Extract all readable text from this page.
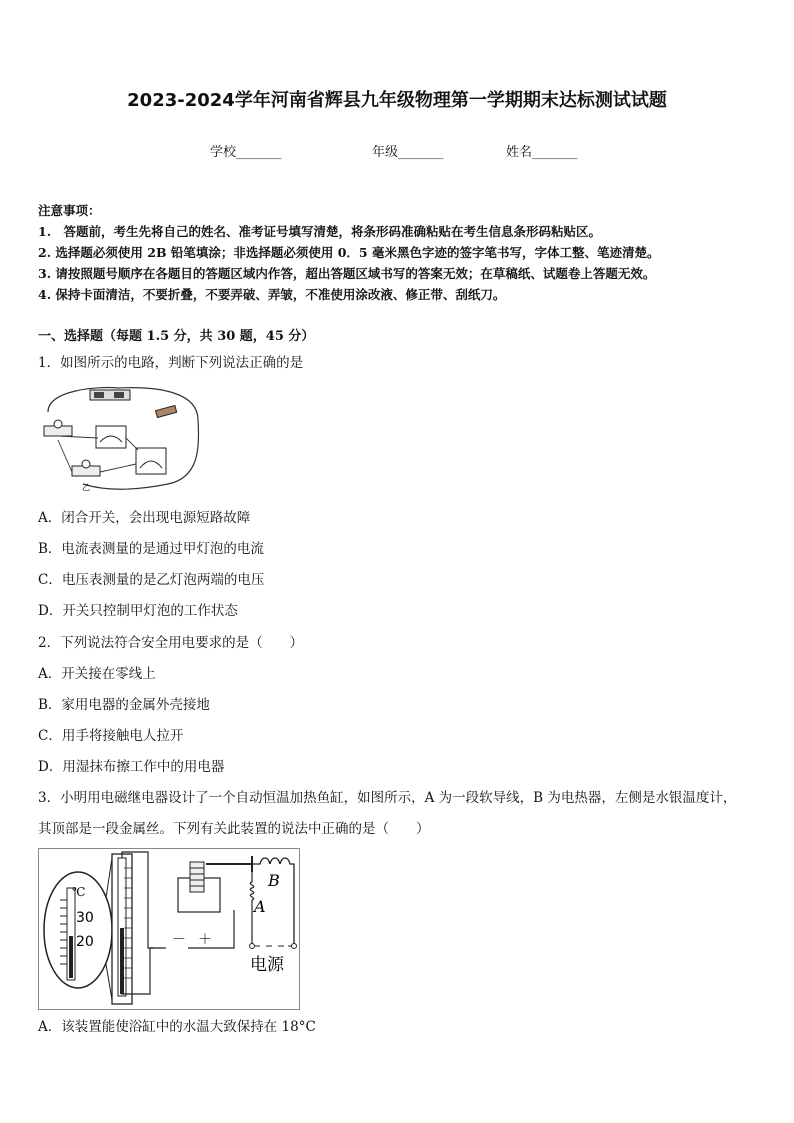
2023-2024学年河南省辉县九年级物理第一学期期末达标测试试题
学校_______	年级_______	姓名_______
注意事项：
1.　答题前，考生先将自己的姓名、准考证号填写清楚，将条形码准确粘贴在考生信息条形码粘贴区。
2. 选择题必须使用 2B 铅笔填涂；非选择题必须使用 0．5 毫米黑色字迹的签字笔书写，字体工整、笔迹清楚。
3. 请按照题号顺序在各题目的答题区域内作答，超出答题区域书写的答案无效；在草稿纸、试题卷上答题无效。
4. 保持卡面清洁，不要折叠，不要弄破、弄皱，不准使用涂改液、修正带、刮纸刀。
一、选择题（每题 1.5 分，共 30 题，45 分）
1．如图所示的电路，判断下列说法正确的是
乙
A．闭合开关，会出现电源短路故障
B．电流表测量的是通过甲灯泡的电流
C．电压表测量的是乙灯泡两端的电压
D．开关只控制甲灯泡的工作状态
2．下列说法符合安全用电要求的是（　　）
A．开关接在零线上
B．家用电器的金属外壳接地
C．用手将接触电人拉开
D．用湿抹布擦工作中的用电器
3．小明用电磁继电器设计了一个自动恒温加热鱼缸，如图所示，A 为一段软导线，B 为电热器，左侧是水银温度计，
其顶部是一段金属丝。下列有关此装置的说法中正确的是（　　）
℃
30
20	－ ＋
B
A
电源
A．该装置能使浴缸中的水温大致保持在 18°C
